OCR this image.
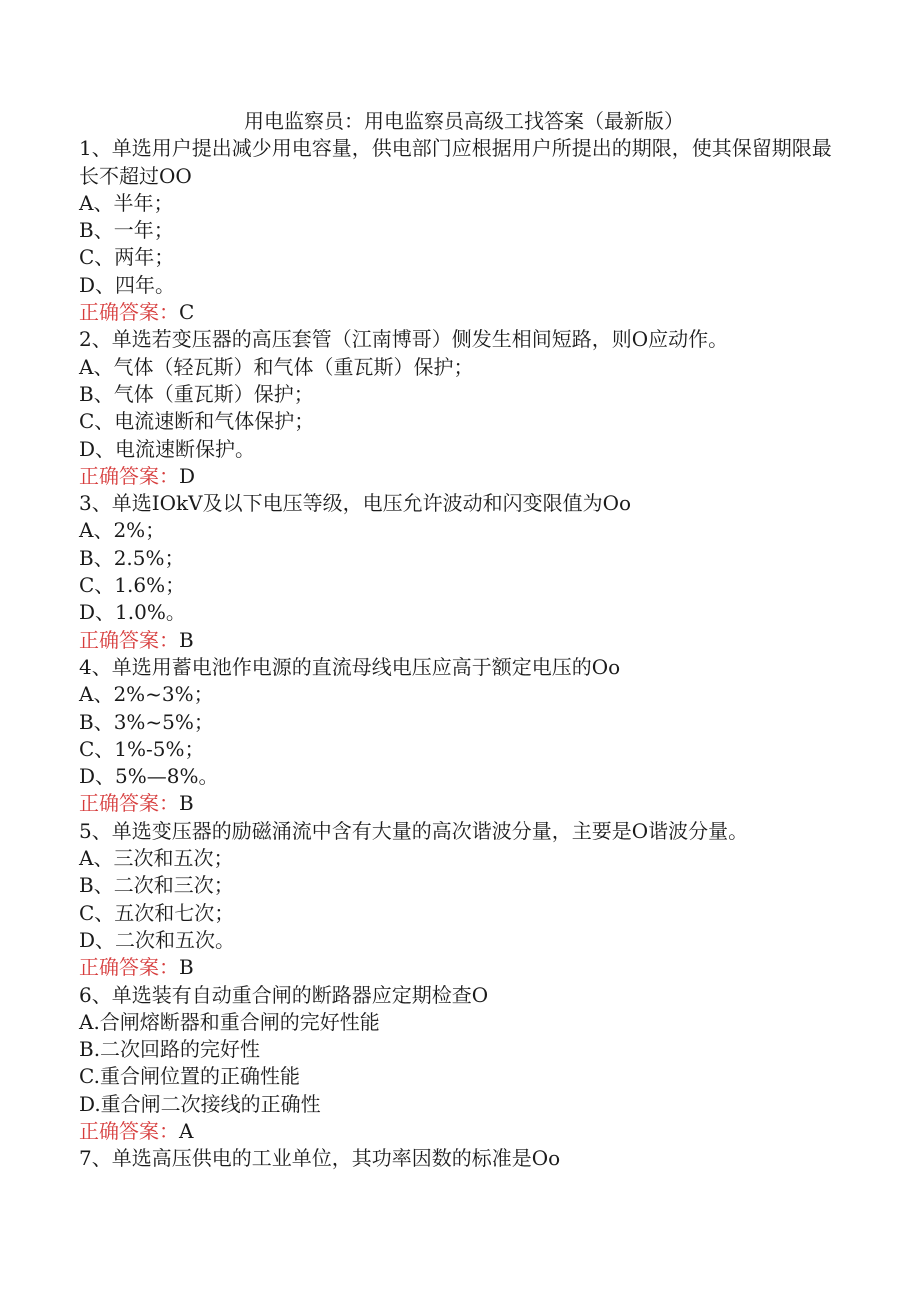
用电监察员：用电监察员高级工找答案（最新版）

1、单选用户提出减少用电容量，供电部门应根据用户所提出的期限，使其保留期限最长不超过OO

A、半年；

B、一年；

C、两年；

D、四年。

正确答案：C

2、单选若变压器的高压套管（江南博哥）侧发生相间短路，则O应动作。

A、气体（轻瓦斯）和气体（重瓦斯）保护；

B、气体（重瓦斯）保护；

C、电流速断和气体保护；

D、电流速断保护。

正确答案：D

3、单选IOkV及以下电压等级，电压允许波动和闪变限值为Oo

A、2%；

B、2.5%；

C、1.6%；

D、1.0%。

正确答案：B

4、单选用蓄电池作电源的直流母线电压应高于额定电压的Oo

A、2%~3%；

B、3%~5%；

C、1%-5%；

D、5%—8%。

正确答案：B

5、单选变压器的励磁涌流中含有大量的高次谐波分量，主要是O谐波分量。

A、三次和五次；

B、二次和三次；

C、五次和七次；

D、二次和五次。

正确答案：B

6、单选装有自动重合闸的断路器应定期检查O

A.合闸熔断器和重合闸的完好性能

B.二次回路的完好性

C.重合闸位置的正确性能

D.重合闸二次接线的正确性

正确答案：A

7、单选高压供电的工业单位，其功率因数的标准是Oo
